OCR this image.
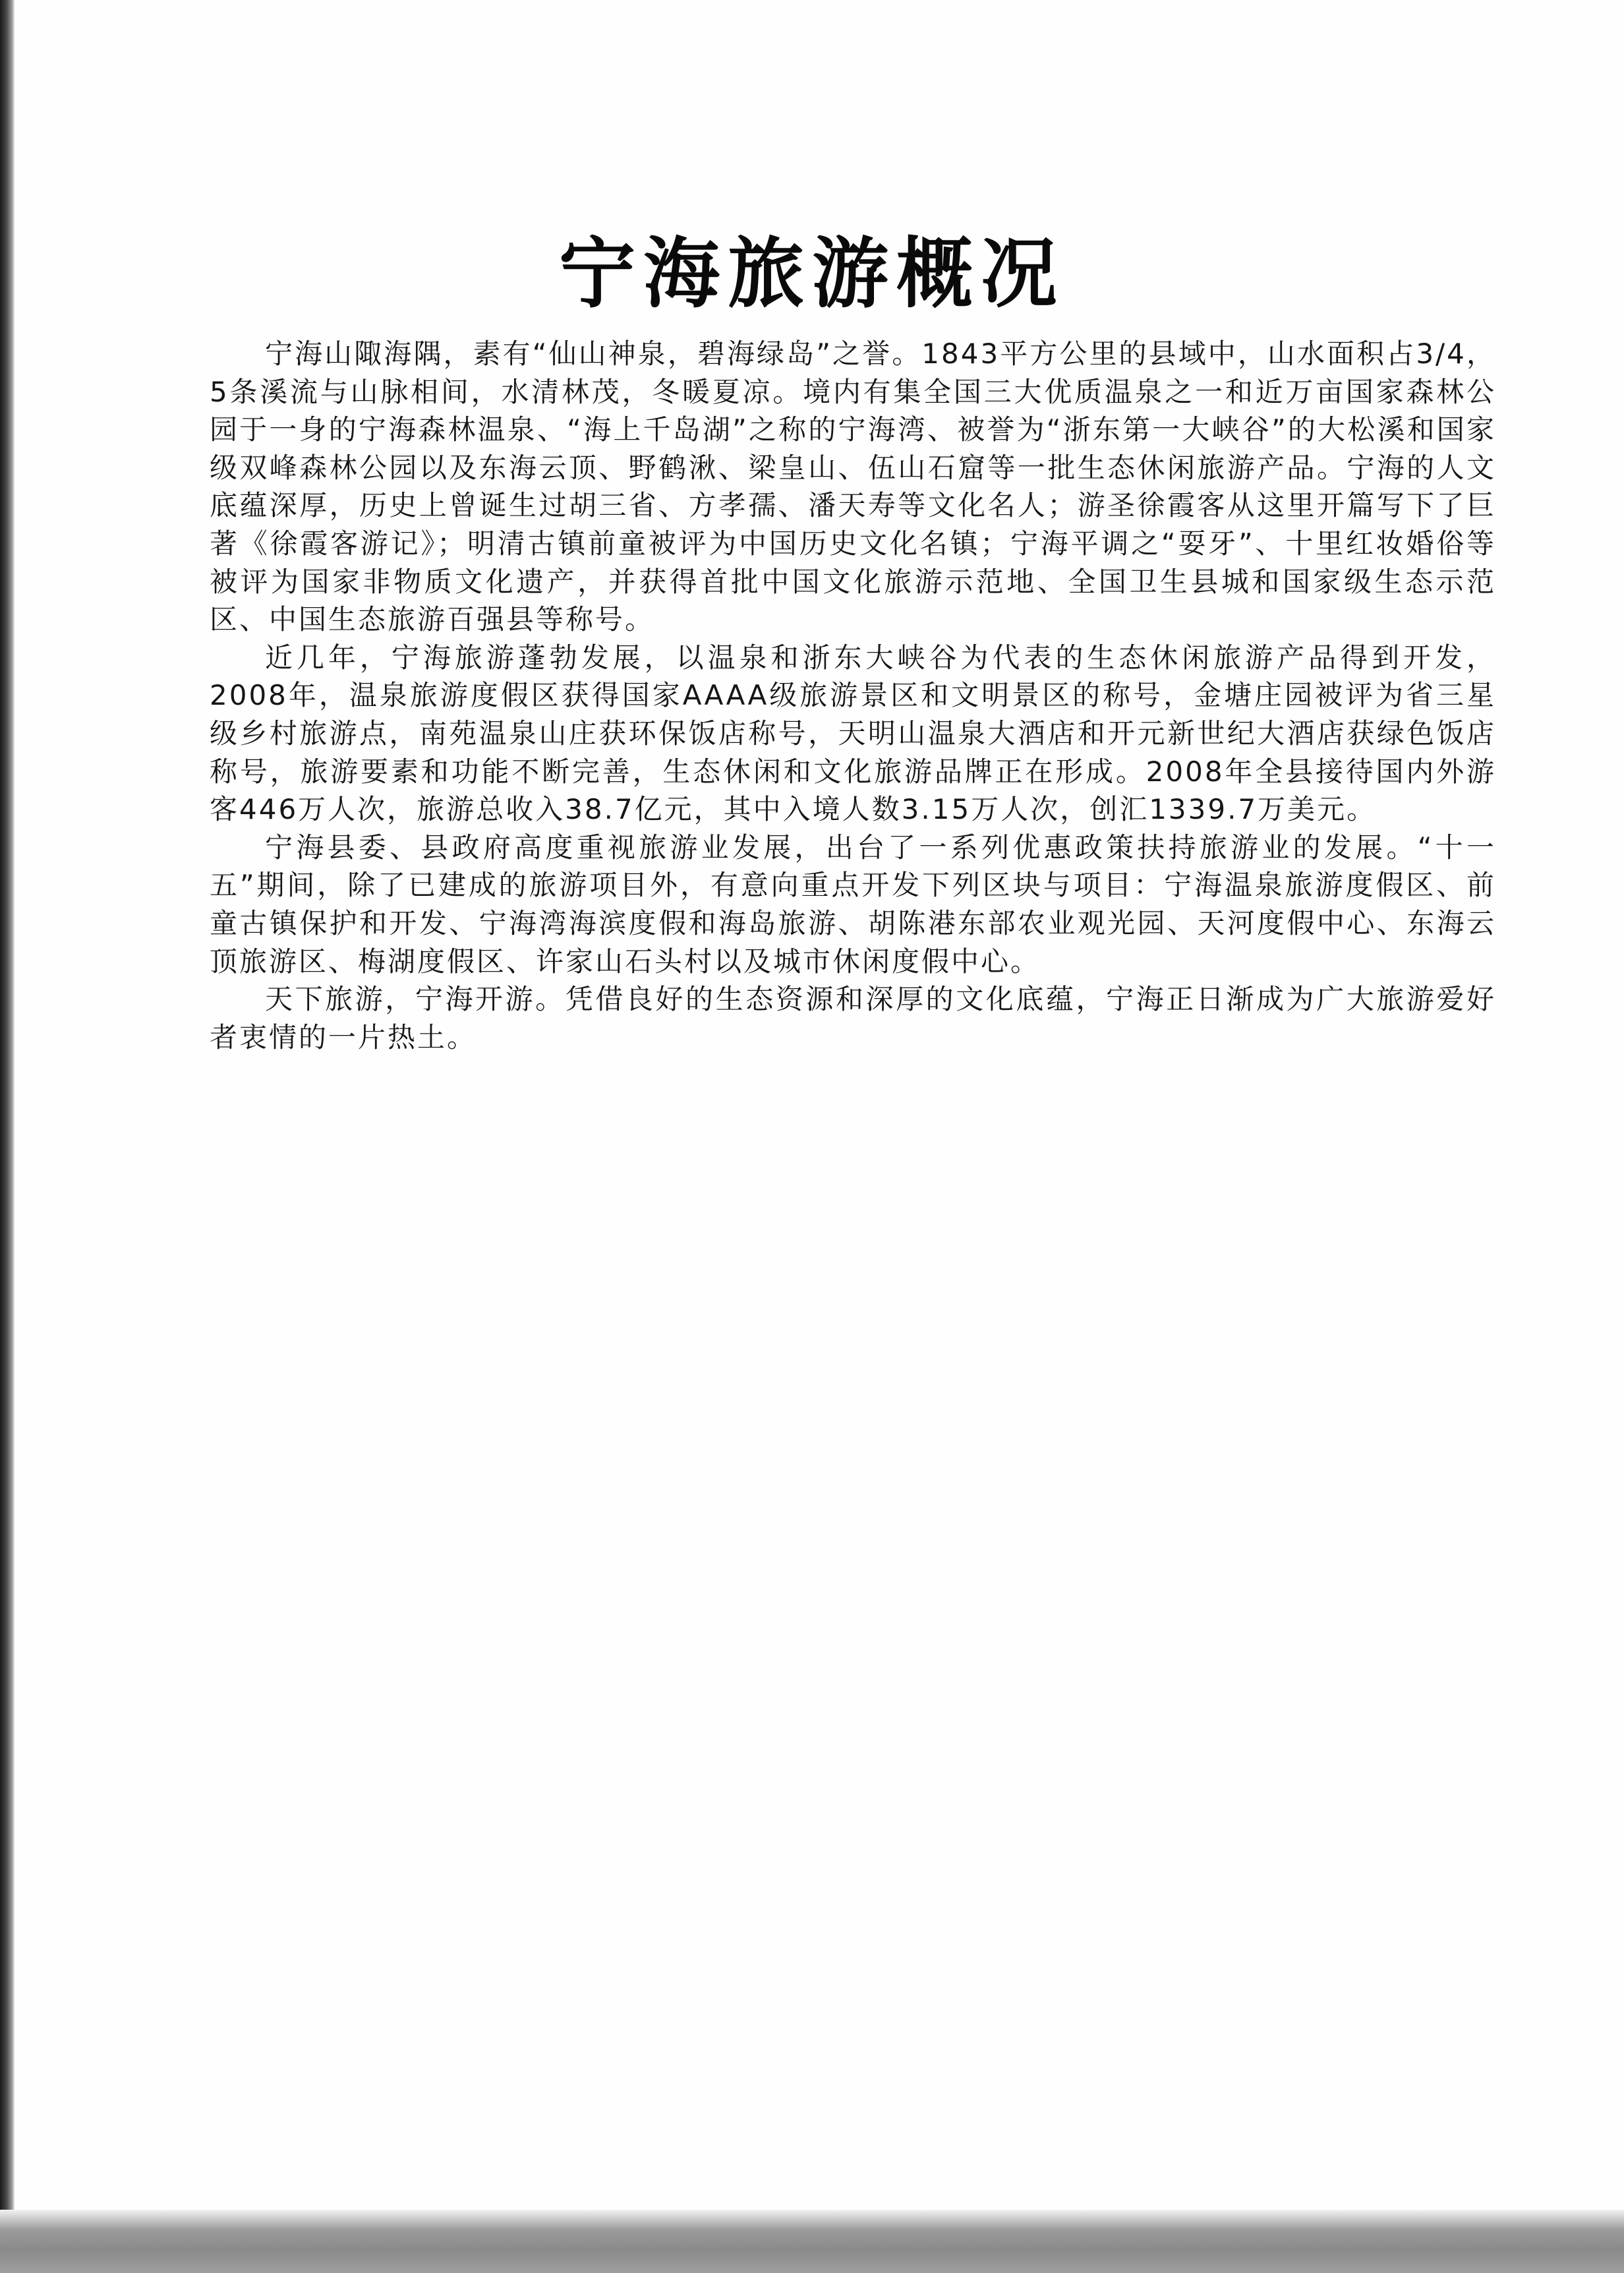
宁海旅游概况

宁海山陬海隅，素有“仙山神泉，碧海绿岛”之誉。1843平方公里的县域中，山水面积占3/4，5条溪流与山脉相间，水清林茂，冬暖夏凉。境内有集全国三大优质温泉之一和近万亩国家森林公园于一身的宁海森林温泉、“海上千岛湖”之称的宁海湾、被誉为“浙东第一大峡谷”的大松溪和国家级双峰森林公园以及东海云顶、野鹤湫、梁皇山、伍山石窟等一批生态休闲旅游产品。宁海的人文底蕴深厚，历史上曾诞生过胡三省、方孝孺、潘天寿等文化名人；游圣徐霞客从这里开篇写下了巨著《徐霞客游记》；明清古镇前童被评为中国历史文化名镇；宁海平调之“耍牙”、十里红妆婚俗等被评为国家非物质文化遗产，并获得首批中国文化旅游示范地、全国卫生县城和国家级生态示范区、中国生态旅游百强县等称号。

近几年，宁海旅游蓬勃发展，以温泉和浙东大峡谷为代表的生态休闲旅游产品得到开发，2008年，温泉旅游度假区获得国家AAAA级旅游景区和文明景区的称号，金塘庄园被评为省三星级乡村旅游点，南苑温泉山庄获环保饭店称号，天明山温泉大酒店和开元新世纪大酒店获绿色饭店称号，旅游要素和功能不断完善，生态休闲和文化旅游品牌正在形成。2008年全县接待国内外游客446万人次，旅游总收入38.7亿元，其中入境人数3.15万人次，创汇1339.7万美元。

宁海县委、县政府高度重视旅游业发展，出台了一系列优惠政策扶持旅游业的发展。“十一五”期间，除了已建成的旅游项目外，有意向重点开发下列区块与项目：宁海温泉旅游度假区、前童古镇保护和开发、宁海湾海滨度假和海岛旅游、胡陈港东部农业观光园、天河度假中心、东海云顶旅游区、梅湖度假区、许家山石头村以及城市休闲度假中心。

天下旅游，宁海开游。凭借良好的生态资源和深厚的文化底蕴，宁海正日渐成为广大旅游爱好者衷情的一片热土。
